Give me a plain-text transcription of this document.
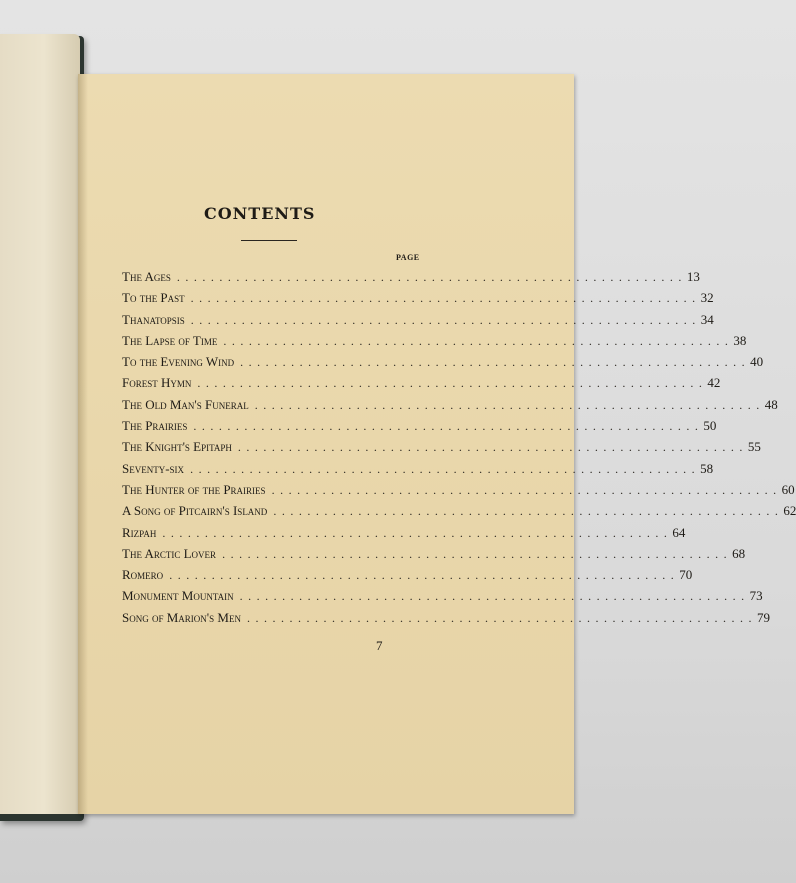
CONTENTS
PAGE
The Ages ............................................................ 13
To the Past ............................................................ 32
Thanatopsis ............................................................ 34
The Lapse of Time ............................................................ 38
To the Evening Wind ............................................................ 40
Forest Hymn ............................................................ 42
The Old Man's Funeral ............................................................ 48
The Prairies ............................................................ 50
The Knight's Epitaph ............................................................ 55
Seventy-six ............................................................ 58
The Hunter of the Prairies ............................................................ 60
A Song of Pitcairn's Island ............................................................ 62
Rizpah ............................................................ 64
The Arctic Lover ............................................................ 68
Romero ............................................................ 70
Monument Mountain ............................................................ 73
Song of Marion's Men ............................................................ 79
7
